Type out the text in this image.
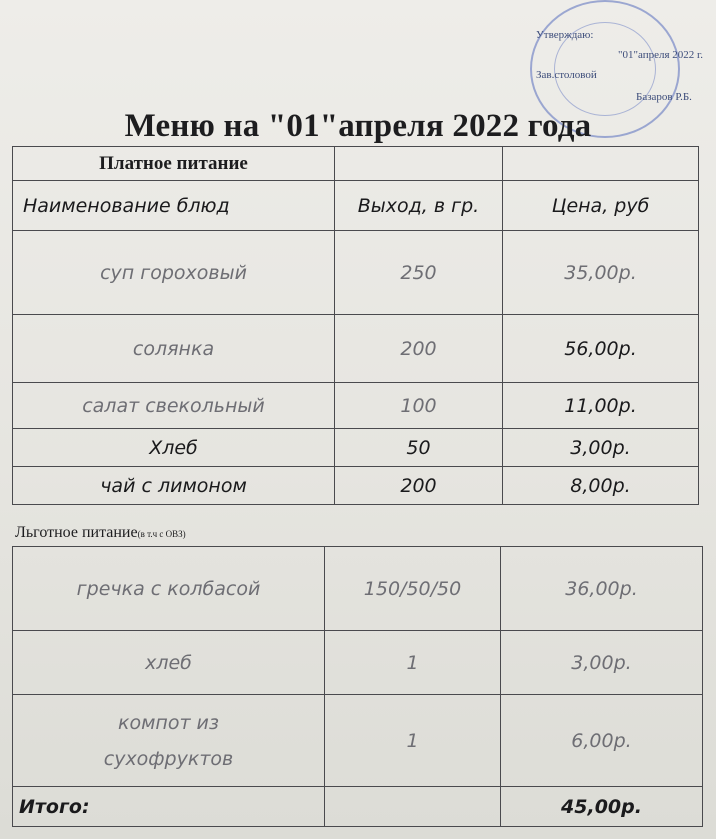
Утверждаю:
"01"апреля 2022 г.
Зав.столовой
Базаров Р.Б.
Меню на "01"апреля 2022 года
Платное питание		
Наименование блюд	Выход, в гр.	Цена, руб
суп гороховый	250	35,00р.
солянка	200	56,00р.
салат свекольный	100	11,00р.
Хлеб	50	3,00р.
чай с лимоном	200	8,00р.
Льготное питание(в т.ч с ОВЗ)
гречка с колбасой	150/50/50	36,00р.
хлеб	1	3,00р.

компот из
сухофруктов	1	6,00р.
Итого:		45,00р.
